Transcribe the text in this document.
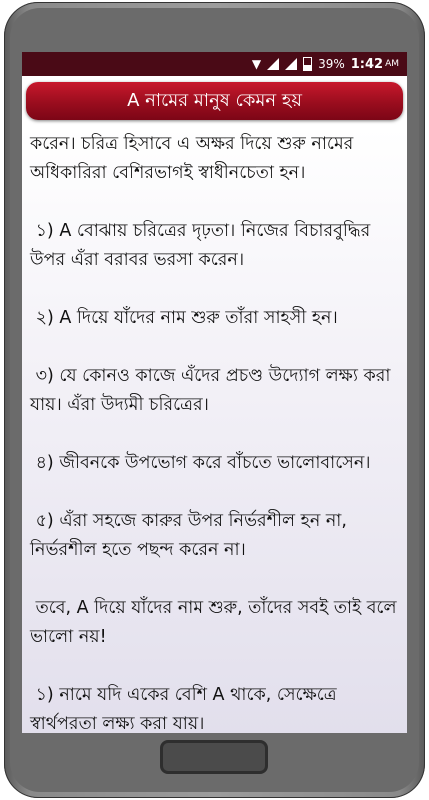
▼	39% 1:42 AM
A নামের মানুষ কেমন হয়

করেন। চরিত্র হিসাবে এ অক্ষর দিয়ে শুরু নামের অধিকারিরা বেশিরভাগই স্বাধীনচেতা হন।

১) A বোঝায় চরিত্রের দৃঢ়তা। নিজের বিচারবুদ্ধির উপর এঁরা বরাবর ভরসা করেন।

২) A দিয়ে যাঁদের নাম শুরু তাঁরা সাহসী হন।

৩) যে কোনও কাজে এঁদের প্রচণ্ড উদ্যোগ লক্ষ্য করা যায়। এঁরা উদ্যমী চরিত্রের।

৪) জীবনকে উপভোগ করে বাঁচতে ভালোবাসেন।

৫) এঁরা সহজে কারুর উপর নির্ভরশীল হন না, নির্ভরশীল হতে পছন্দ করেন না।

তবে, A দিয়ে যাঁদের নাম শুরু, তাঁদের সবই তাই বলে ভালো নয়!

১) নামে যদি একের বেশি A থাকে, সেক্ষেত্রে স্বার্থপরতা লক্ষ্য করা যায়।
